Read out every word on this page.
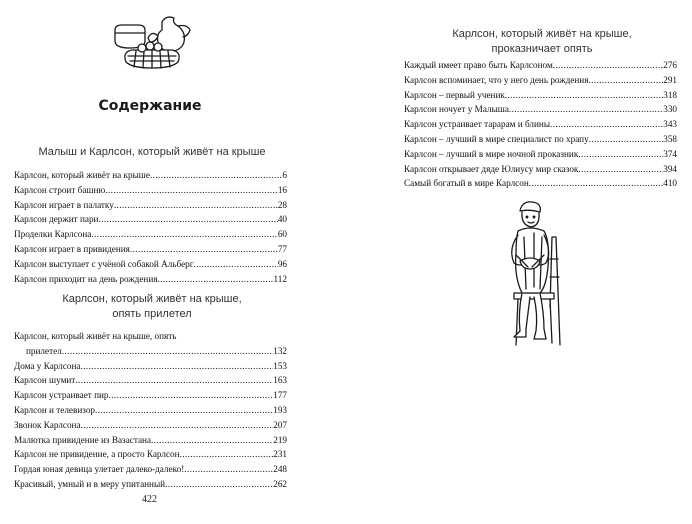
Содержание
Малыш и Карлсон, который живёт на крыше
Карлсон, который живёт на крыше .....	6
Карлсон строит башню .....	16
Карлсон играет в палатку .....	28
Карлсон держит пари .....	40
Проделки Карлсона .....	60
Карлсон играет в привидения .....	77
Карлсон выступает с учёной собакой Альберг .....	96
Карлсон приходит на день рождения .....	112
Карлсон, который живёт на крыше,
опять прилетел
Карлсон, который живёт на крыше, опять
прилетел .....	132
Дома у Карлсона .....	153
Карлсон шумит .....	163
Карлсон устраивает пир .....	177
Карлсон и телевизор .....	193
Звонок Карлсона .....	207
Малютка привидение из Вазастана .....	219
Карлсон не привидение, а просто Карлсон .....	231
Гордая юная девица улетает далеко-далеко! .....	248
Красивый, умный и в меру упитанный .....	262
422
Карлсон, который живёт на крыше,
проказничает опять
Каждый имеет право быть Карлсоном .....	276
Карлсон вспоминает, что у него день рождения .....	291
Карлсон – первый ученик .....	318
Карлсон ночует у Малыша .....	330
Карлсон устраивает тарарам и блины .....	343
Карлсон – лучший в мире специалист по храпу .....	358
Карлсон – лучший в мире ночной проказник .....	374
Карлсон открывает дяде Юлиусу мир сказок .....	394
Самый богатый в мире Карлсон .....	410
